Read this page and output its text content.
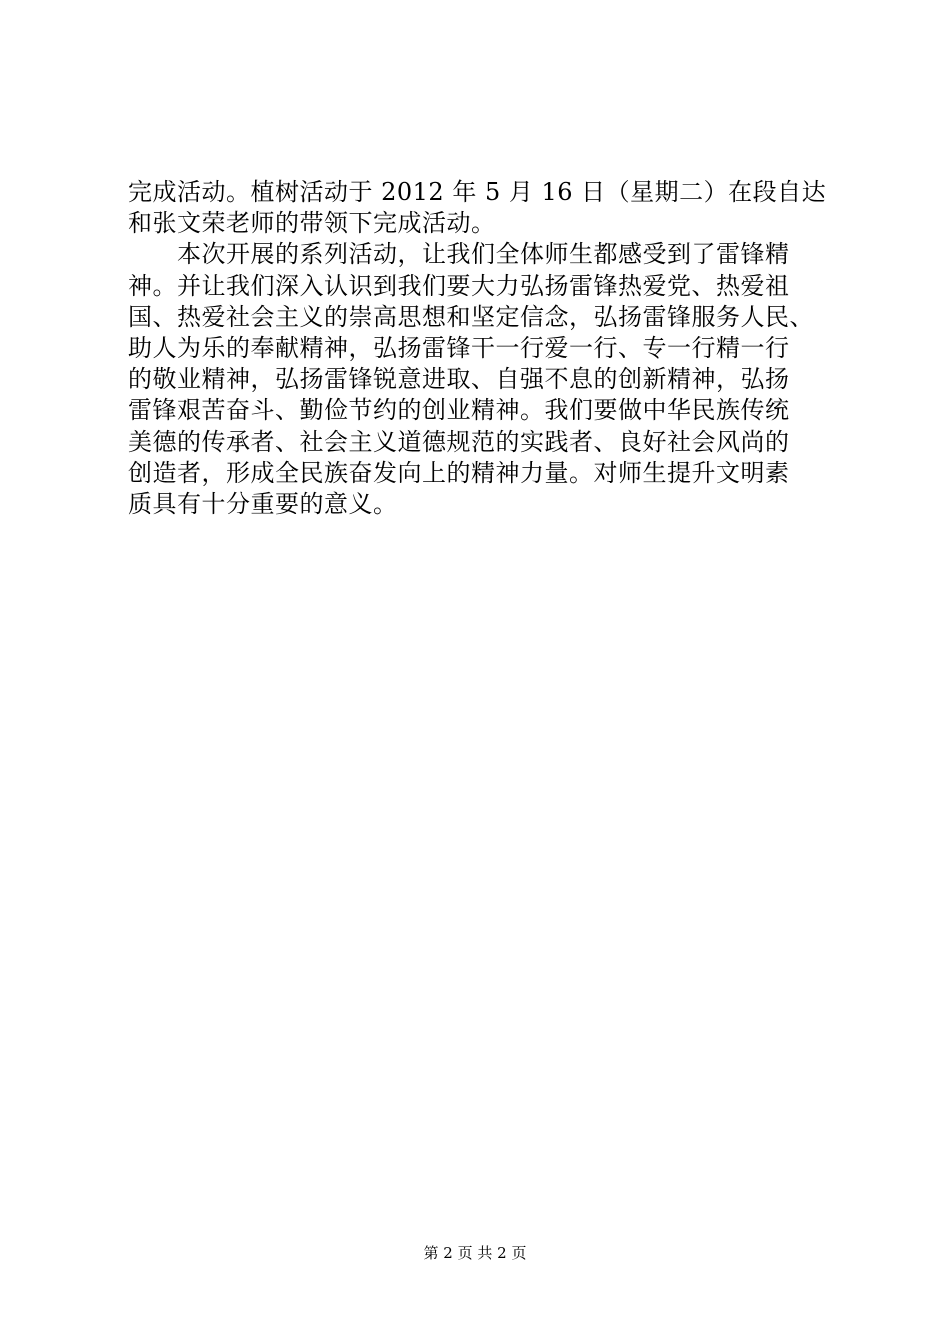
完成活动。植树活动于 2012 年 5 月 16 日（星期二）在段自达
和张文荣老师的带领下完成活动。
　　本次开展的系列活动，让我们全体师生都感受到了雷锋精
神。并让我们深入认识到我们要大力弘扬雷锋热爱党、热爱祖
国、热爱社会主义的崇高思想和坚定信念，弘扬雷锋服务人民、
助人为乐的奉献精神，弘扬雷锋干一行爱一行、专一行精一行
的敬业精神，弘扬雷锋锐意进取、自强不息的创新精神，弘扬
雷锋艰苦奋斗、勤俭节约的创业精神。我们要做中华民族传统
美德的传承者、社会主义道德规范的实践者、良好社会风尚的
创造者，形成全民族奋发向上的精神力量。对师生提升文明素
质具有十分重要的意义。
第 2 页 共 2 页
